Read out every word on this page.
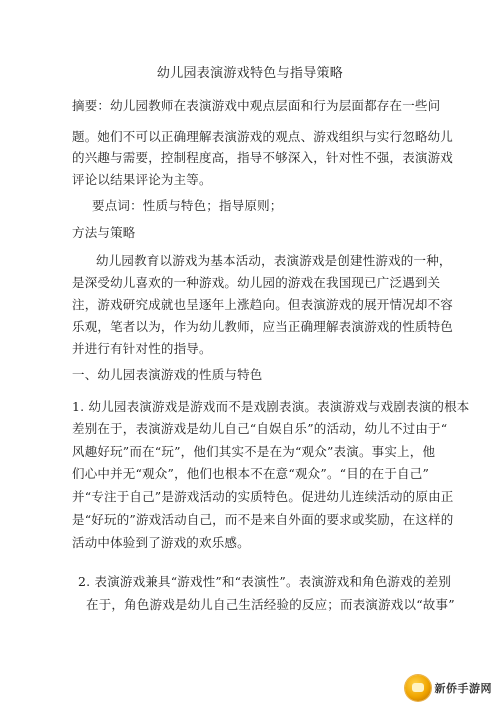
幼儿园表演游戏特色与指导策略
摘要：幼儿园教师在表演游戏中观点层面和行为层面都存在一些问
题。她们不可以正确理解表演游戏的观点、游戏组织与实行忽略幼儿
的兴趣与需要，控制程度高，指导不够深入，针对性不强，表演游戏
评论以结果评论为主等。
要点词：性质与特色；指导原则；
方法与策略
幼儿园教育以游戏为基本活动，表演游戏是创建性游戏的一种，
是深受幼儿喜欢的一种游戏。幼儿园的游戏在我国现已广泛遇到关
注，游戏研究成就也呈逐年上涨趋向。但表演游戏的展开情况却不容
乐观，笔者以为，作为幼儿教师，应当正确理解表演游戏的性质特色
并进行有针对性的指导。
一、幼儿园表演游戏的性质与特色
1. 幼儿园表演游戏是游戏而不是戏剧表演。表演游戏与戏剧表演的根本
差别在于，表演游戏是幼儿自己“自娱自乐”的活动，幼儿不过由于“
风趣好玩”而在“玩”，他们其实不是在为“观众”表演。事实上，他
们心中并无“观众”，他们也根本不在意“观众”。“目的在于自己”
并“专注于自己”是游戏活动的实质特色。促进幼儿连续活动的原由正
是“好玩的”游戏活动自己，而不是来自外面的要求或奖励，在这样的
活动中体验到了游戏的欢乐感。
2. 表演游戏兼具“游戏性”和“表演性”。表演游戏和角色游戏的差别
在于，角色游戏是幼儿自己生活经验的反应；而表演游戏以“故事”
新侨手游网
